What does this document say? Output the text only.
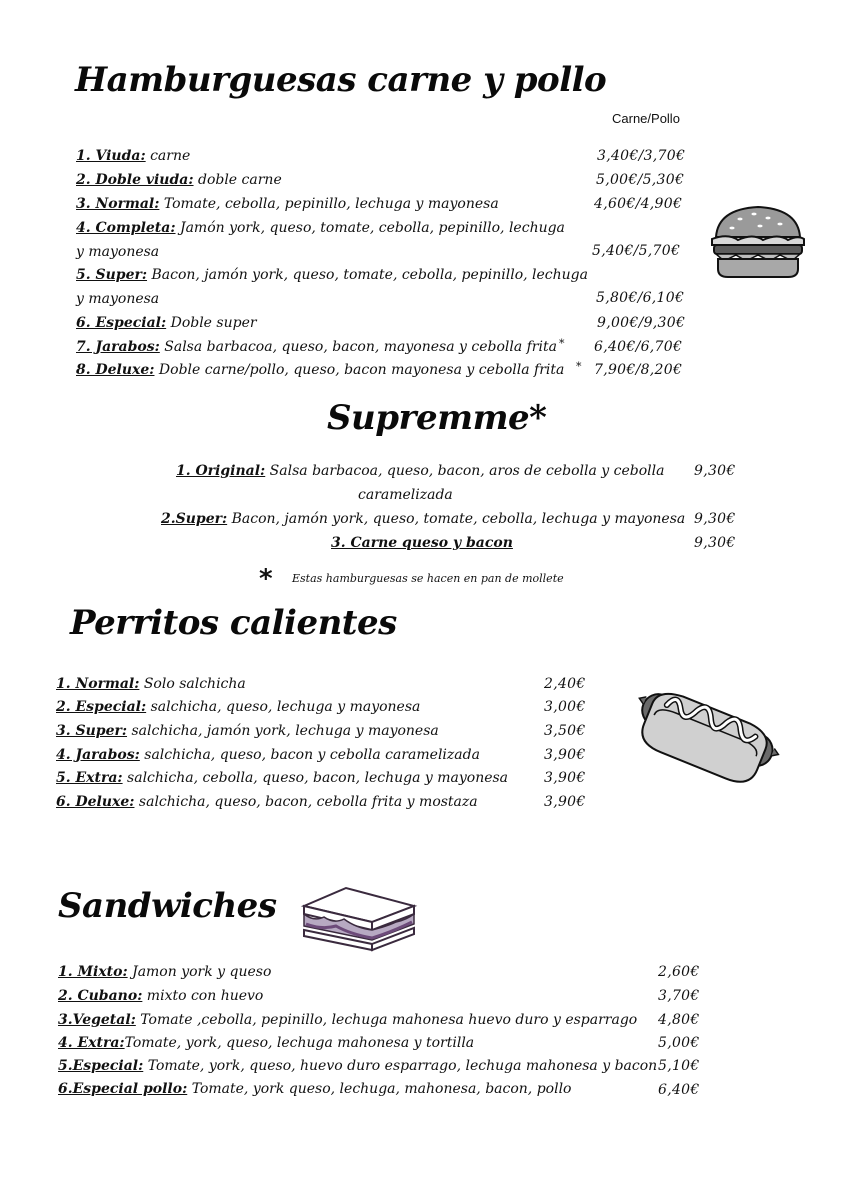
Hamburguesas carne y pollo
Carne/Pollo
1. Viuda: carne	3,40€/3,70€
2. Doble viuda: doble carne	5,00€/5,30€
3. Normal: Tomate, cebolla, pepinillo, lechuga y mayonesa	4,60€/4,90€
4. Completa: Jamón york, queso, tomate, cebolla, pepinillo, lechuga
y mayonesa	5,40€/5,70€
5. Super: Bacon, jamón york, queso, tomate, cebolla, pepinillo, lechuga
y mayonesa	5,80€/6,10€
6. Especial: Doble super	9,00€/9,30€
7. Jarabos: Salsa barbacoa, queso, bacon, mayonesa y cebolla frita * 6,40€/6,70€
8. Deluxe: Doble carne/pollo, queso, bacon mayonesa y cebolla frita * 7,90€/8,20€
Supremme*
1. Original: Salsa barbacoa, queso, bacon, aros de cebolla y cebolla
caramelizada
9,30€
2.Super: Bacon, jamón york, queso, tomate, cebolla, lechuga y mayonesa 9,30€
3. Carne queso y bacon	9,30€
* Estas hamburguesas se hacen en pan de mollete
Perritos calientes
1. Normal: Solo salchicha	2,40€
2. Especial: salchicha, queso, lechuga y mayonesa	3,00€
3. Super: salchicha, jamón york, lechuga y mayonesa	3,50€
4. Jarabos: salchicha, queso, bacon y cebolla caramelizada	3,90€
5. Extra: salchicha, cebolla, queso, bacon, lechuga y mayonesa	3,90€
6. Deluxe: salchicha, queso, bacon, cebolla frita y mostaza	3,90€
Sandwiches
1. Mixto: Jamon york y queso	2,60€
2. Cubano: mixto con huevo	3,70€
3.Vegetal: Tomate ,cebolla, pepinillo, lechuga mahonesa huevo duro y esparrago 4,80€
4. Extra:Tomate, york, queso, lechuga mahonesa y tortilla	5,00€
5.Especial: Tomate, york, queso, huevo duro esparrago, lechuga mahonesa y bacon 5,10€
6.Especial pollo: Tomate, york queso, lechuga, mahonesa, bacon, pollo	6,40€
